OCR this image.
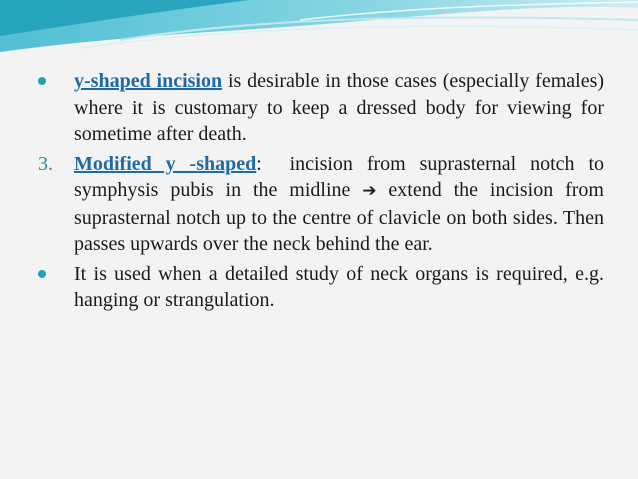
y-shaped incision is desirable in those cases (especially females) where it is customary to keep a dressed body for viewing for sometime after death.
3. Modified y -shaped:  incision from suprasternal notch to symphysis pubis in the midline ➔ extend the incision from suprasternal notch up to the centre of clavicle on both sides. Then passes upwards over the neck behind the ear.
It is used when a detailed study of neck organs is required, e.g. hanging or strangulation.
